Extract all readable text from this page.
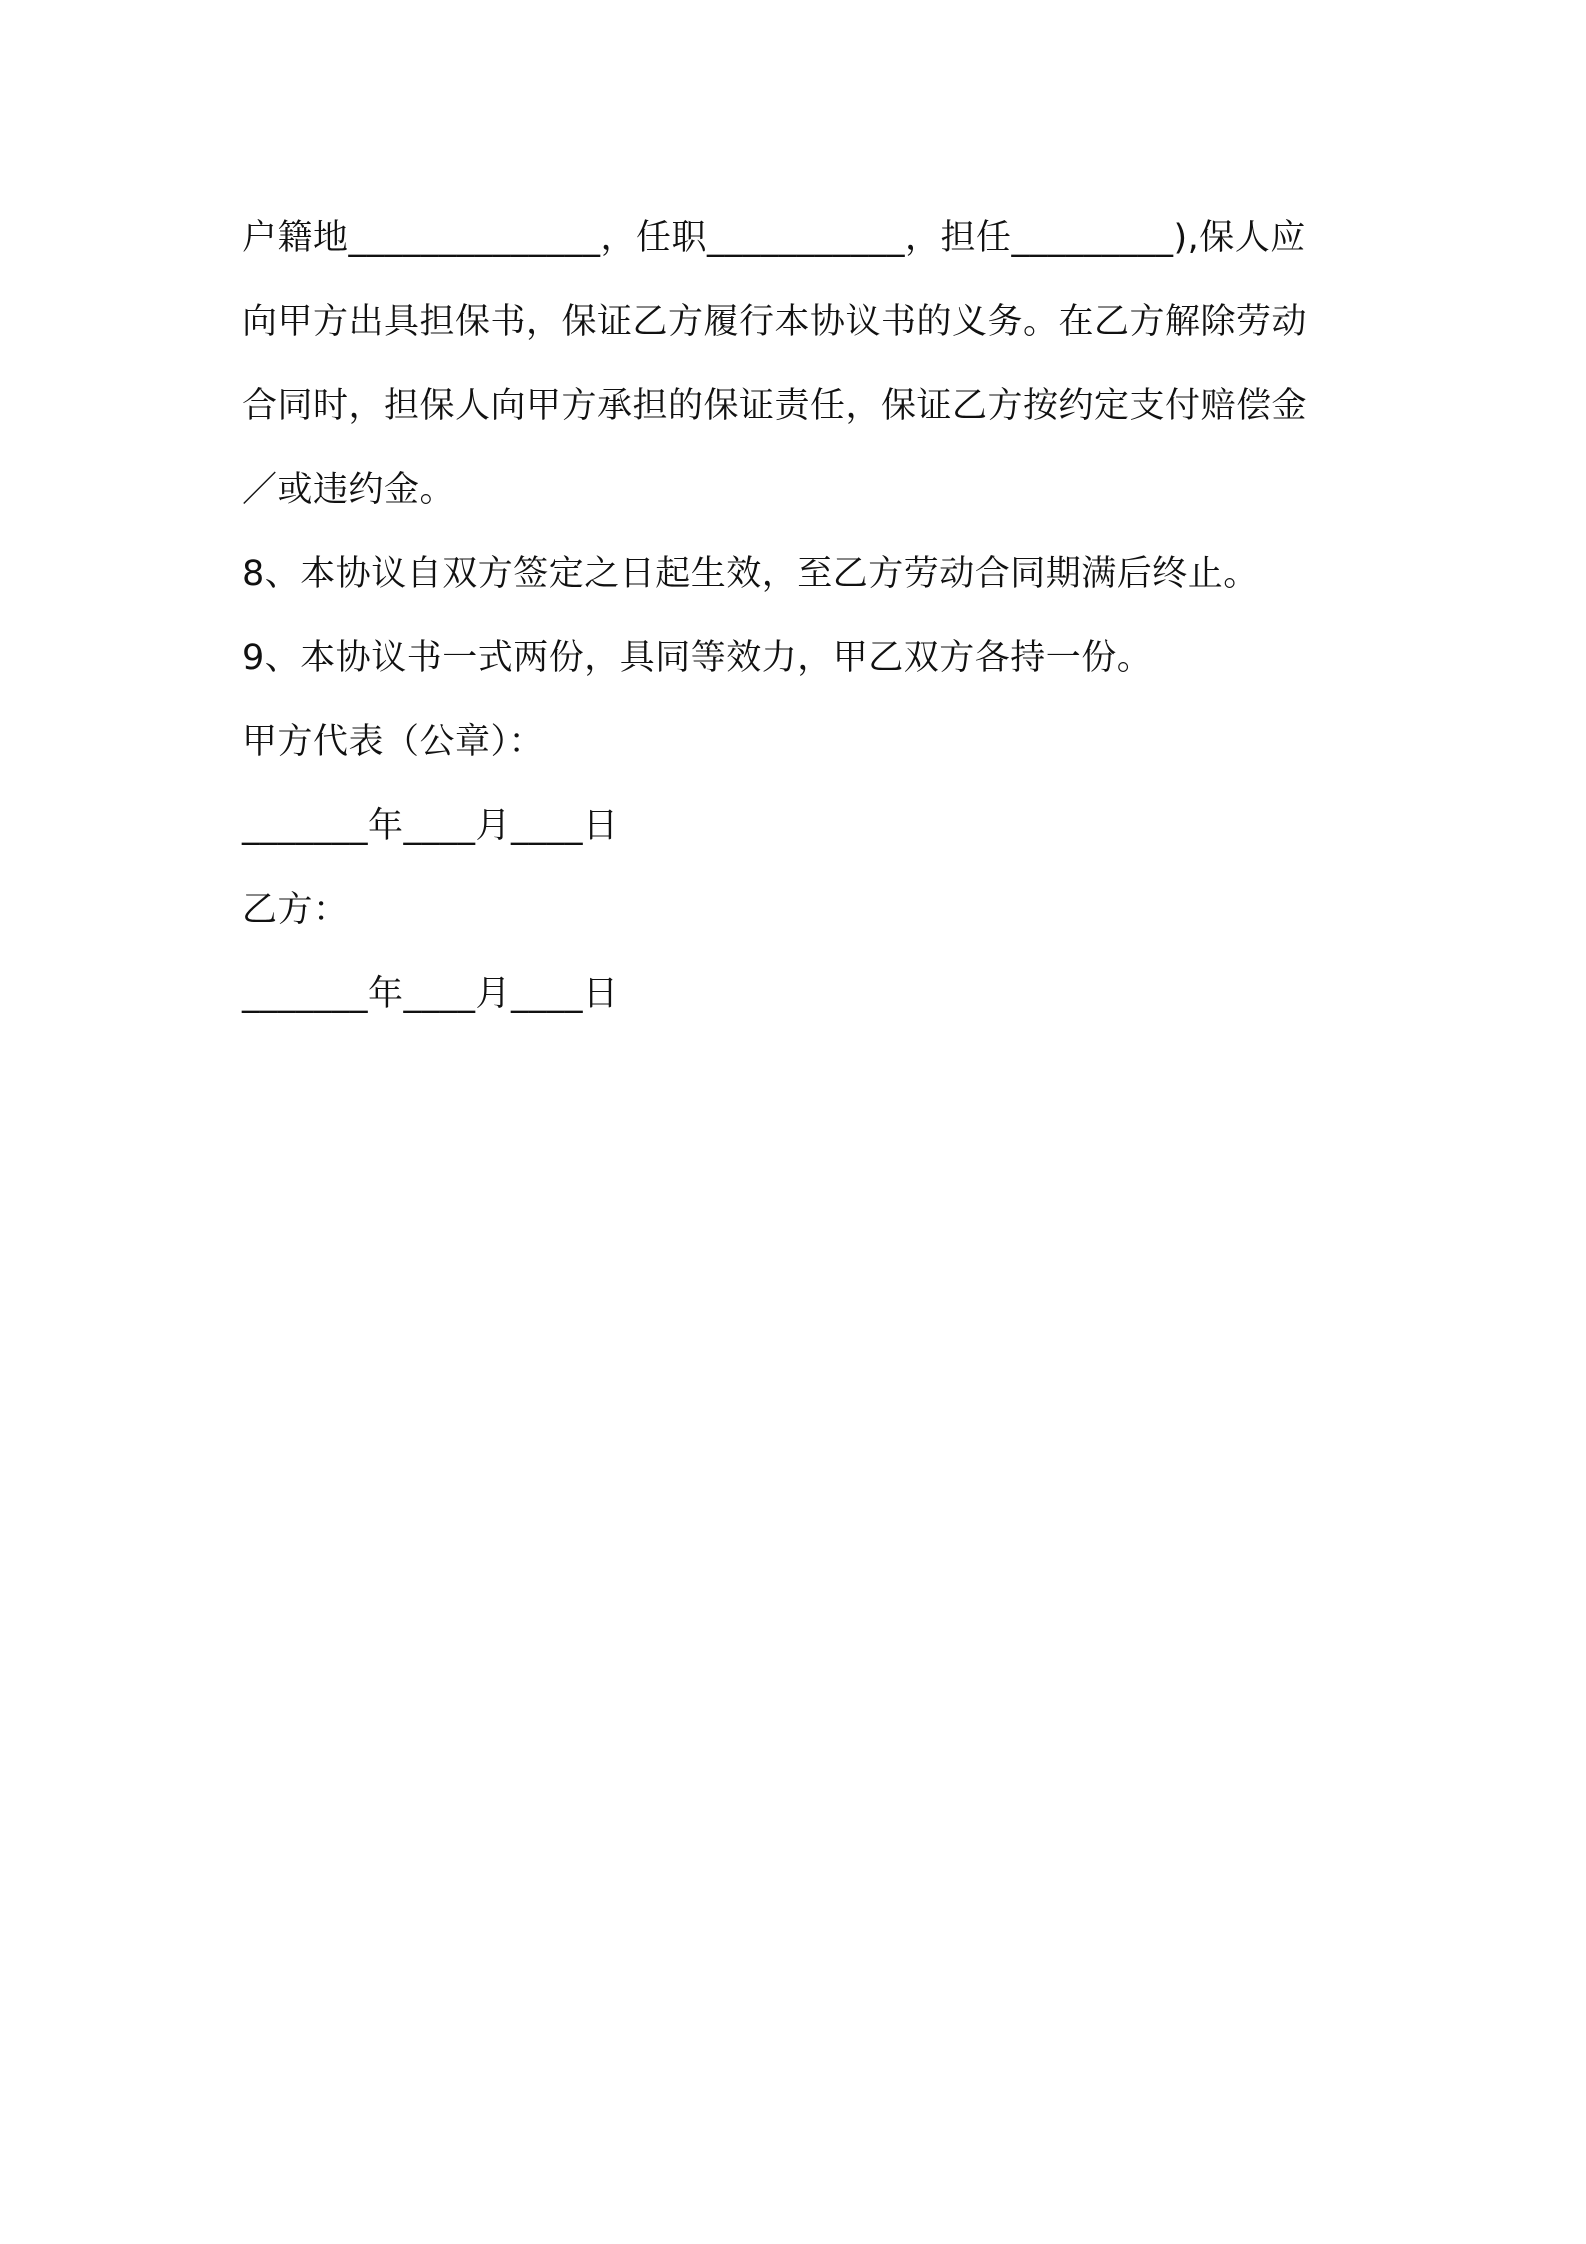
户籍地______________，任职___________，担任_________),保人应
向甲方出具担保书，保证乙方履行本协议书的义务。在乙方解除劳动
合同时，担保人向甲方承担的保证责任，保证乙方按约定支付赔偿金
／或违约金。
8、本协议自双方签定之日起生效，至乙方劳动合同期满后终止。
9、本协议书一式两份，具同等效力，甲乙双方各持一份。
甲方代表（公章）：
_______年____月____日
乙方：
_______年____月____日
